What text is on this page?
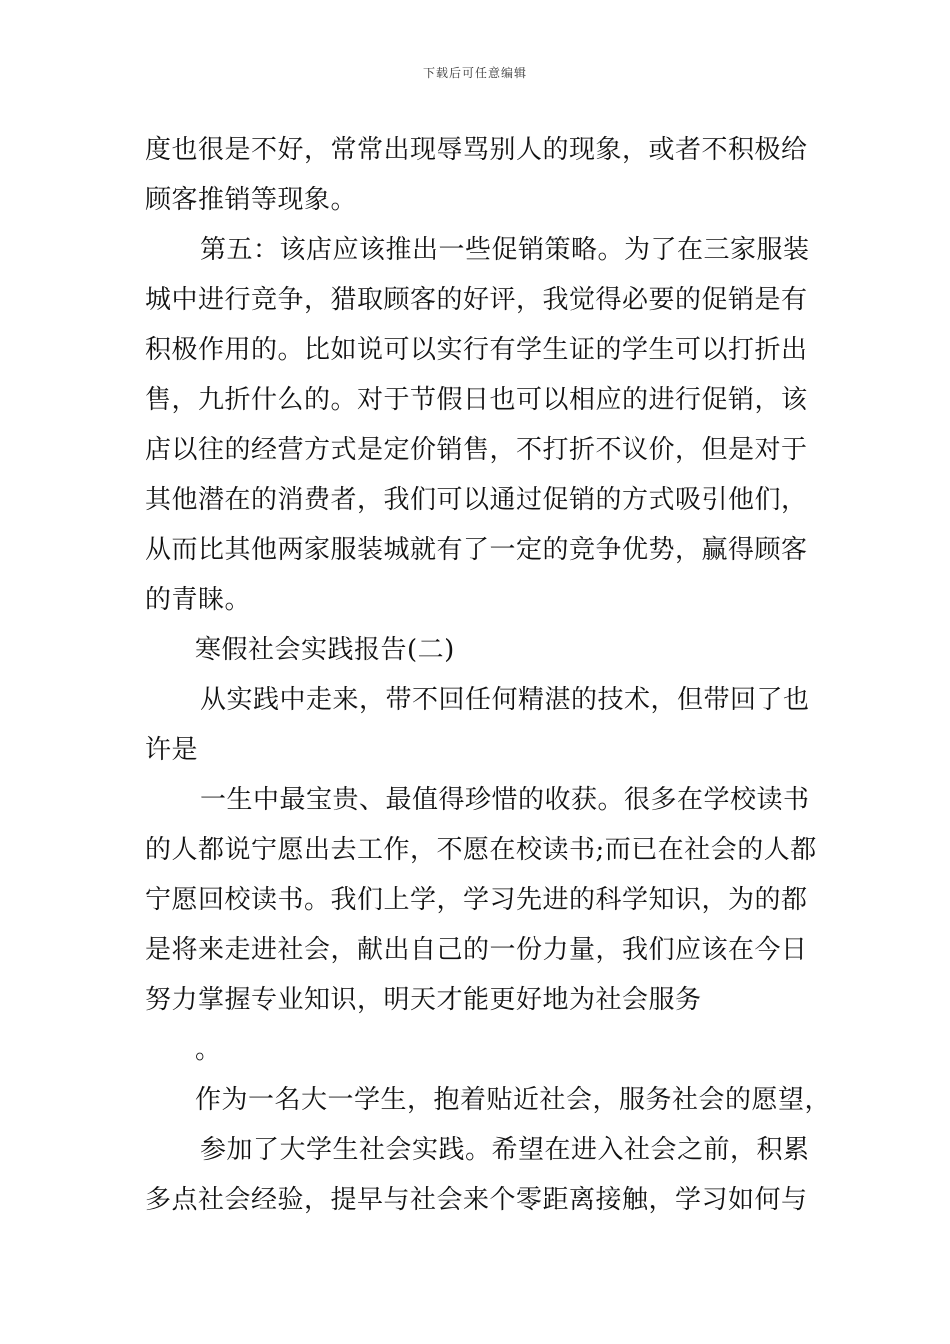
下载后可任意编辑
度也很是不好，常常出现辱骂别人的现象，或者不积极给
顾客推销等现象。
第五：该店应该推出一些促销策略。为了在三家服装
城中进行竞争，猎取顾客的好评，我觉得必要的促销是有
积极作用的。比如说可以实行有学生证的学生可以打折出
售，九折什么的。对于节假日也可以相应的进行促销，该
店以往的经营方式是定价销售，不打折不议价，但是对于
其他潜在的消费者，我们可以通过促销的方式吸引他们，
从而比其他两家服装城就有了一定的竞争优势，赢得顾客
的青睐。
寒假社会实践报告(二)
从实践中走来，带不回任何精湛的技术，但带回了也
许是
一生中最宝贵、最值得珍惜的收获。很多在学校读书
的人都说宁愿出去工作，不愿在校读书;而已在社会的人都
宁愿回校读书。我们上学，学习先进的科学知识，为的都
是将来走进社会，献出自己的一份力量，我们应该在今日
努力掌握专业知识，明天才能更好地为社会服务
。
作为一名大一学生，抱着贴近社会，服务社会的愿望，
参加了大学生社会实践。希望在进入社会之前，积累
多点社会经验，提早与社会来个零距离接触，学习如何与
